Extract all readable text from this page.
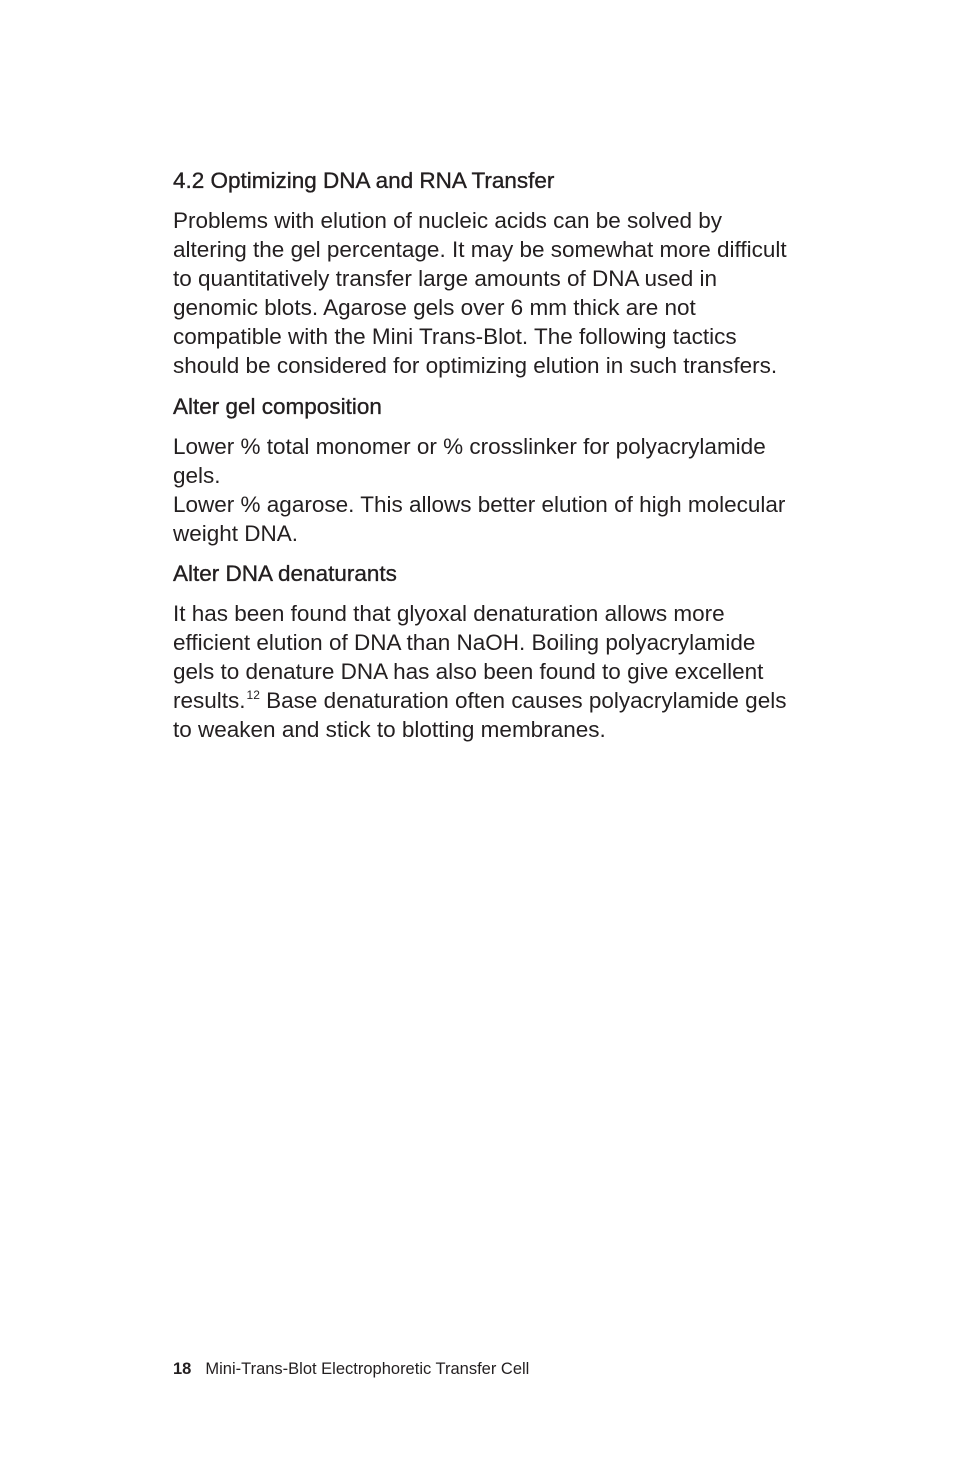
4.2 Optimizing DNA and RNA Transfer

Problems with elution of nucleic acids can be solved by altering the gel percentage. It may be somewhat more difficult to quantitatively transfer large amounts of DNA used in genomic blots. Agarose gels over 6 mm thick are not compatible with the Mini Trans-Blot. The following tactics should be considered for optimizing elution in such transfers.

Alter gel composition

Lower % total monomer or % crosslinker for polyacrylamide gels.

Lower % agarose. This allows better elution of high molecular weight DNA.

Alter DNA denaturants

It has been found that glyoxal denaturation allows more efficient elution of DNA than NaOH. Boiling polyacrylamide gels to denature DNA has also been found to give excellent results.$^{12}$ Base denaturation often causes polyacrylamide gels to weaken and stick to blotting membranes.

18 Mini-Trans-Blot Electrophoretic Transfer Cell
